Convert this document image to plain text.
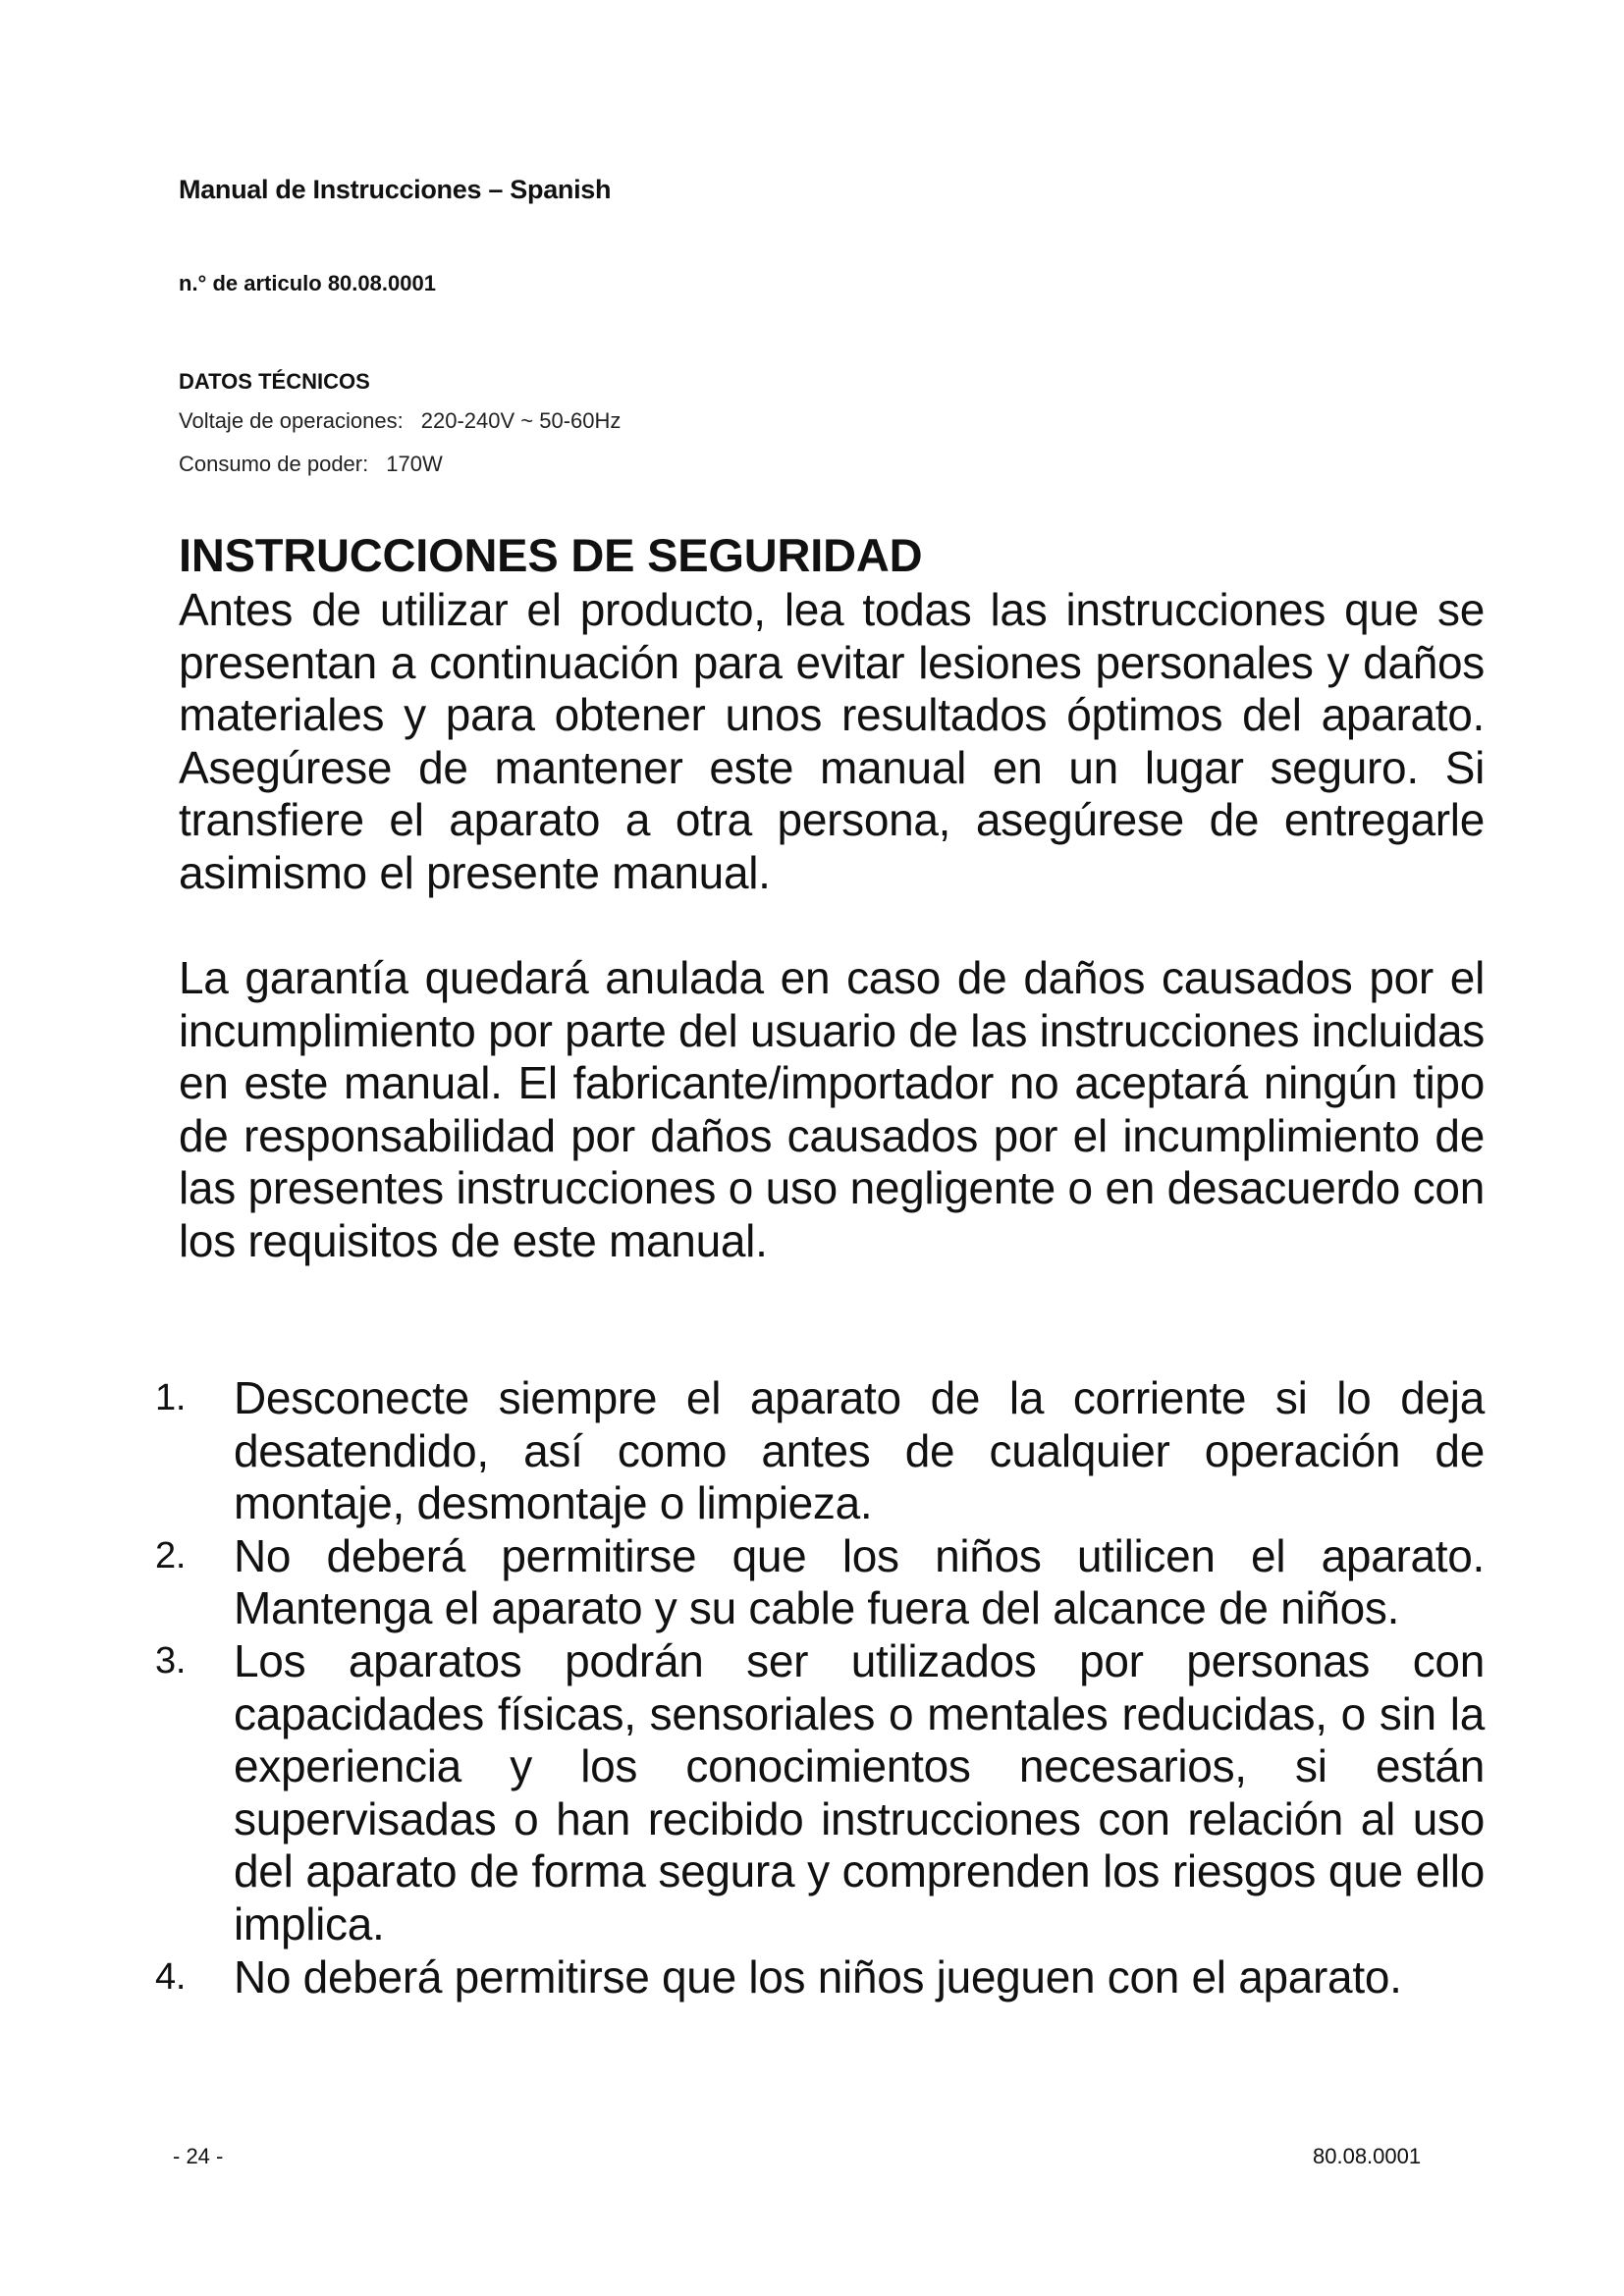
Manual de Instrucciones – Spanish
n.° de articulo 80.08.0001
DATOS TÉCNICOS
Voltaje de operaciones: 220-240V ~ 50-60Hz
Consumo de poder: 170W
INSTRUCCIONES DE SEGURIDAD
Antes de utilizar el producto, lea todas las instrucciones que se presentan a continuación para evitar lesiones personales y daños materiales y para obtener unos resultados óptimos del aparato. Asegúrese de mantener este manual en un lugar seguro. Si transfiere el aparato a otra persona, asegúrese de entregarle asimismo el presente manual.
La garantía quedará anulada en caso de daños causados por el incumplimiento por parte del usuario de las instrucciones incluidas en este manual. El fabricante/importador no aceptará ningún tipo de responsabilidad por daños causados por el incumplimiento de las presentes instrucciones o uso negligente o en desacuerdo con los requisitos de este manual.
1. Desconecte siempre el aparato de la corriente si lo deja desatendido, así como antes de cualquier operación de montaje, desmontaje o limpieza.
2. No deberá permitirse que los niños utilicen el aparato. Mantenga el aparato y su cable fuera del alcance de niños.
3. Los aparatos podrán ser utilizados por personas con capacidades físicas, sensoriales o mentales reducidas, o sin la experiencia y los conocimientos necesarios, si están supervisadas o han recibido instrucciones con relación al uso del aparato de forma segura y comprenden los riesgos que ello implica.
4. No deberá permitirse que los niños jueguen con el aparato.
- 24 -	80.08.0001
